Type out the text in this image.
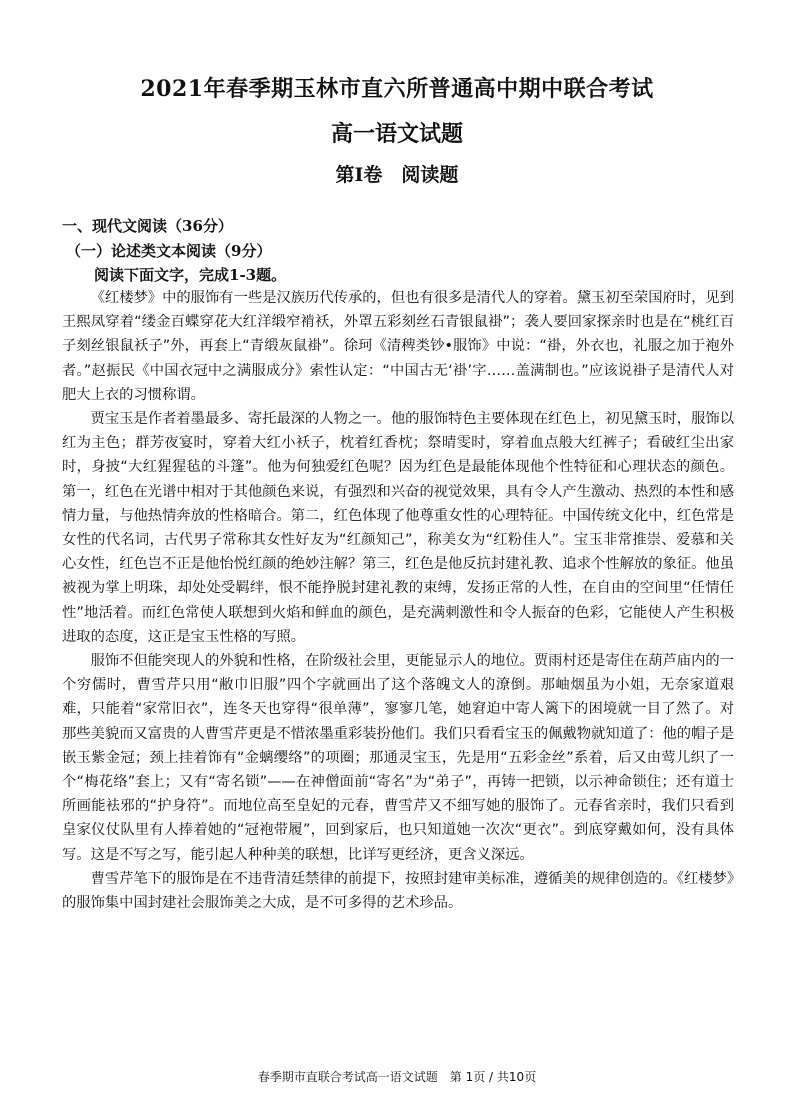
2021年春季期玉林市直六所普通高中期中联合考试
高一语文试题
第Ⅰ卷　阅读题
一、现代文阅读（36分）
（一）论述类文本阅读（9分）
阅读下面文字，完成1-3题。

《红楼梦》中的服饰有一些是汉族历代传承的，但也有很多是清代人的穿着。黛玉初至荣国府时，见到王熙凤穿着“缕金百蝶穿花大红洋缎窄褃袄，外罩五彩刻丝石青银鼠褂”；袭人要回家探亲时也是在“桃红百子刻丝银鼠袄子”外，再套上“青缎灰鼠褂”。徐珂《清稗类钞•服饰》中说：“褂，外衣也，礼服之加于袍外者。”赵振民《中国衣冠中之满服成分》索性认定：“中国古无‘褂’字……盖满制也。”应该说褂子是清代人对肥大上衣的习惯称谓。

贾宝玉是作者着墨最多、寄托最深的人物之一。他的服饰特色主要体现在红色上，初见黛玉时，服饰以红为主色；群芳夜宴时，穿着大红小袄子，枕着红香枕；祭晴雯时，穿着血点般大红裤子；看破红尘出家时，身披“大红猩猩毡的斗篷”。他为何独爱红色呢？因为红色是最能体现他个性特征和心理状态的颜色。第一，红色在光谱中相对于其他颜色来说，有强烈和兴奋的视觉效果，具有令人产生激动、热烈的本性和感情力量，与他热情奔放的性格暗合。第二，红色体现了他尊重女性的心理特征。中国传统文化中，红色常是女性的代名词，古代男子常称其女性好友为“红颜知己”，称美女为“红粉佳人”。宝玉非常推崇、爱慕和关心女性，红色岂不正是他怡悦红颜的绝妙注解？第三，红色是他反抗封建礼教、追求个性解放的象征。他虽被视为掌上明珠，却处处受羁绊，恨不能挣脱封建礼教的束缚，发扬正常的人性，在自由的空间里“任情任性”地活着。而红色常使人联想到火焰和鲜血的颜色，是充满刺激性和令人振奋的色彩，它能使人产生积极进取的态度，这正是宝玉性格的写照。

服饰不但能突现人的外貌和性格，在阶级社会里，更能显示人的地位。贾雨村还是寄住在葫芦庙内的一个穷儒时，曹雪芹只用“敝巾旧服”四个字就画出了这个落魄文人的潦倒。那岫烟虽为小姐，无奈家道艰难，只能着“家常旧衣”，连冬天也穿得“很单薄”，寥寥几笔，她窘迫中寄人篱下的困境就一目了然了。对那些美貌而又富贵的人曹雪芹更是不惜浓墨重彩装扮他们。我们只看看宝玉的佩戴物就知道了：他的帽子是嵌玉紫金冠；颈上挂着饰有“金螭缨络”的项圈；那通灵宝玉，先是用“五彩金丝”系着，后又由莺儿织了一个“梅花络”套上；又有“寄名锁”——在神僧面前“寄名”为“弟子”，再铸一把锁，以示神命锁住；还有道士所画能袪邪的“护身符”。而地位高至皇妃的元春，曹雪芹又不细写她的服饰了。元春省亲时，我们只看到皇家仪仗队里有人捧着她的“冠袍带履”，回到家后，也只知道她一次次“更衣”。到底穿戴如何，没有具体写。这是不写之写，能引起人种种美的联想，比详写更经济，更含义深远。

曹雪芹笔下的服饰是在不违背清廷禁律的前提下，按照封建审美标准，遵循美的规律创造的。《红楼梦》的服饰集中国封建社会服饰美之大成，是不可多得的艺术珍品。

春季期市直联合考试高一语文试题　第 1页 / 共10页
